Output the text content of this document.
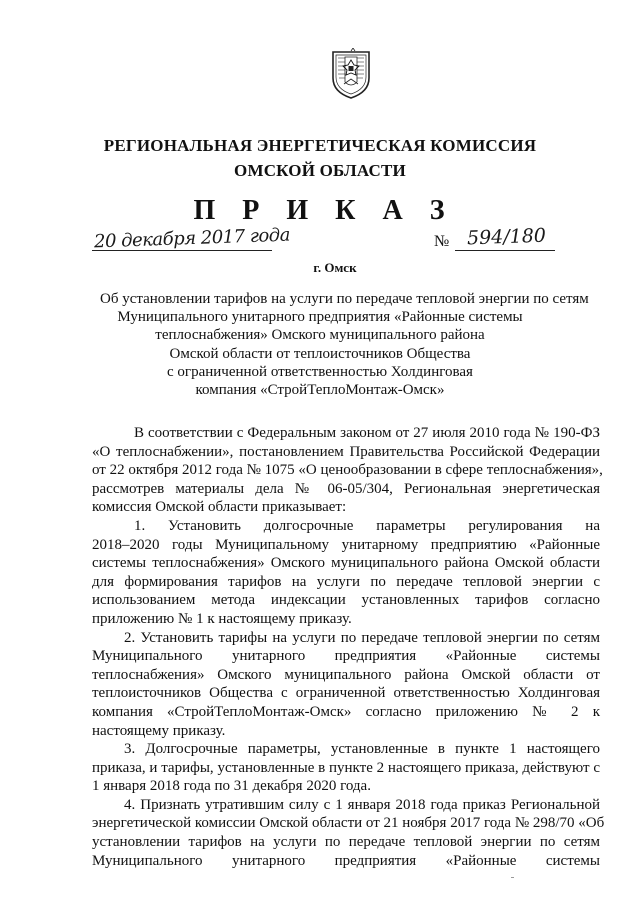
РЕГИОНАЛЬНАЯ ЭНЕРГЕТИЧЕСКАЯ КОМИССИЯ
ОМСКОЙ ОБЛАСТИ
П Р И К А З
20 декабря 2017 года	№ 594/180
г. Омск
Об установлении тарифов на услуги по передаче тепловой энергии по сетям
Муниципального унитарного предприятия «Районные системы
теплоснабжения» Омского муниципального района
Омской области от теплоисточников Общества
с ограниченной ответственностью Холдинговая
компания «СтройТеплоМонтаж-Омск»
В соответствии с Федеральным законом от 27 июля 2010 года № 190-ФЗ
«О теплоснабжении», постановлением Правительства Российской Федерации
от 22 октября 2012 года № 1075 «О ценообразовании в сфере теплоснабжения»,
рассмотрев материалы дела № 06-05/304, Региональная энергетическая
комиссия Омской области приказывает:
1. Установить долгосрочные параметры регулирования на
2018–2020 годы Муниципальному унитарному предприятию «Районные
системы теплоснабжения» Омского муниципального района Омской области
для формирования тарифов на услуги по передаче тепловой энергии с
использованием метода индексации установленных тарифов согласно
приложению № 1 к настоящему приказу.
2. Установить тарифы на услуги по передаче тепловой энергии по сетям
Муниципального унитарного предприятия «Районные системы
теплоснабжения» Омского муниципального района Омской области от
теплоисточников Общества с ограниченной ответственностью Холдинговая
компания «СтройТеплоМонтаж-Омск» согласно приложению № 2 к
настоящему приказу.
3. Долгосрочные параметры, установленные в пункте 1 настоящего
приказа, и тарифы, установленные в пункте 2 настоящего приказа, действуют с
1 января 2018 года по 31 декабря 2020 года.
4. Признать утратившим силу с 1 января 2018 года приказ Региональной
энергетической комиссии Омской области от 21 ноября 2017 года № 298/70 «Об
установлении тарифов на услуги по передаче тепловой энергии по сетям
Муниципального унитарного предприятия «Районные системы
